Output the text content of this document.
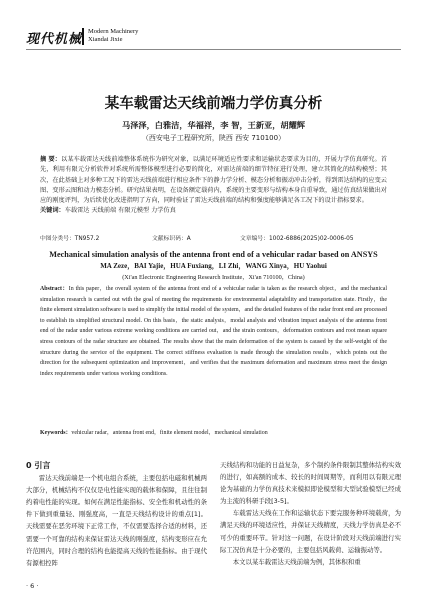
现代机械
Modern Machinery
Xiandai Jixie
某车载雷达天线前端力学仿真分析
马泽泽，白雅洁，华福祥，李 智，王新亚，胡耀辉
（西安电子工程研究所，陕西 西安 710100）
摘 要：以某车载雷达天线前端整体系统作为研究对象，以满足环境适应性要求和运输状态要求为目的，开展力学仿真研究。首先，利用有限元分析软件对系统所需整体模型进行必要的简化，对需达前端的细节特征进行处理，建立其简化的结构模型；其次，在此基础上对多种工况下的雷达天线前端进行相应条件下的静力学分析、模态分析和振动冲击分析，得到雷达结构的应变云图、变形云图和动力模态分析。研究结果表明，在设备额定载荷内，系统的主要变形与结构本身自重导致，通过仿真结果做出对应的刚度评判，为后续优化改进指明了方向，同时验证了雷达天线前端的结构和强度能够满足各工况下的设计指标要求。
关键词：车载雷达 天线前端 有限元模型 力学仿真
中图分类号：TN957.2	文献标识码：A	文章编号：1002-6886(2025)02-0006-05
Mechanical simulation analysis of the antenna front end of a vehicular radar based on ANSYS
MA Zeze，BAI Yajie，HUA Fuxiang，LI Zhi，WANG Xinya，HU Yaohui
(Xi'an Electronic Engineering Research Institute，Xi'an 710100，China)
Abstract：In this paper，the overall system of the antenna front end of a vehicular radar is taken as the research object，and the mechanical simulation research is carried out with the goal of meeting the requirements for environmental adaptability and transportation state. Firstly，the finite element simulation software is used to simplify the initial model of the system，and the detailed features of the radar front end are processed to establish its simplified structural model. On this basis，the static analysis，modal analysis and vibration impact analysis of the antenna front end of the radar under various extreme working conditions are carried out，and the strain contours，deformation contours and root mean square stress contours of the radar structure are obtained. The results show that the main deformation of the system is caused by the self-weight of the structure during the service of the equipment. The correct stiffness evaluation is made through the simulation results，which points out the direction for the subsequent optimization and improvement，and verifies that the maximum deformation and maximum stress meet the design index requirements under various working conditions.
Keywords：vehicular radar，antenna front end，finite element model，mechanical simulation

0 引言

雷达天线前端是一个机电组合系统，主要包括电磁和机械两大部分，机械结构不仅仅是电性能实现的载体和保障，且往往制约着电性能的实现。如何在满足性能指标、安全性和机动性的条件下做到重量轻、刚强度高，一直是天线结构设计的重点[1]。天线需要在恶劣环境下正常工作，不仅需要选择合适的材料，还需要一个可靠的结构来保证雷达天线的刚强度，结构变形应在允许范围内，同时合理的结构也能提高天线的性能指标。由于现代有源相控阵

天线结构和功能的日益复杂，多个制约条件限制其整体结构实效的进行，如高额的成本、较长的时间周期等，而利用以有限元理论为基础的力学仿真技术来模拟即论模型和大型试验模型已经成为主流的科研手段[3-5]。

车载雷达天线在工作和运输状态下要完服务种环境载荷，为满足天线的环境适应性，并保证天线精度，天线力学仿真是必不可少的重要环节。针对这一问题，在设计阶段对天线前端进行实际工况仿真是十分必要的，主要包括风载荷、运输振动等。

本文以某车载雷达天线前端为例，其体积和重

· 6 ·
